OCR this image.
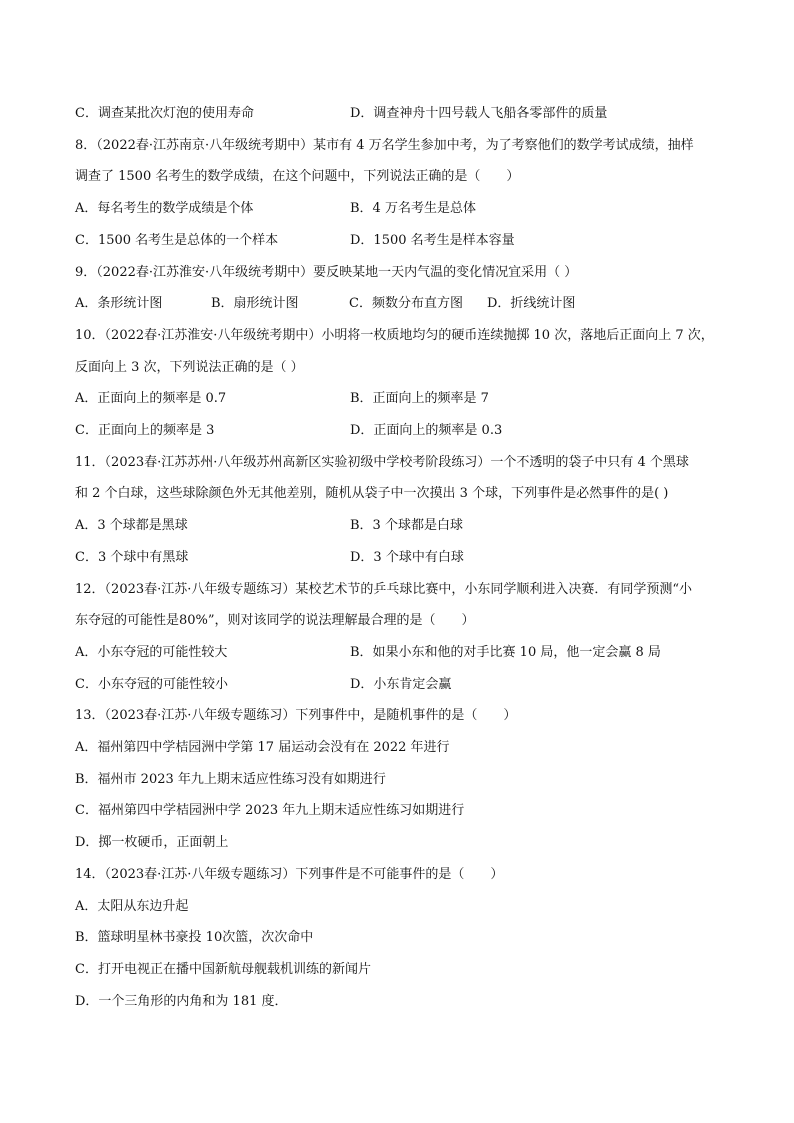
C．调查某批次灯泡的使用寿命	D．调查神舟十四号载人飞船各零部件的质量
8．（2022春·江苏南京·八年级统考期中）某市有 4 万名学生参加中考，为了考察他们的数学考试成绩，抽样
调查了 1500 名考生的数学成绩，在这个问题中，下列说法正确的是（　　）
A．每名考生的数学成绩是个体	B．4 万名考生是总体
C．1500 名考生是总体的一个样本	D．1500 名考生是样本容量
9．（2022春·江苏淮安·八年级统考期中）要反映某地一天内气温的变化情况宜采用（ ）
A．条形统计图	B．扇形统计图	C．频数分布直方图	D．折线统计图
10．（2022春·江苏淮安·八年级统考期中）小明将一枚质地均匀的硬币连续抛掷 10 次，落地后正面向上 7 次，
反面向上 3 次，下列说法正确的是（ ）
A．正面向上的频率是 0.7	B．正面向上的频率是 7
C．正面向上的频率是 3	D．正面向上的频率是 0.3
11．（2023春·江苏苏州·八年级苏州高新区实验初级中学校考阶段练习）一个不透明的袋子中只有 4 个黑球
和 2 个白球，这些球除颜色外无其他差别，随机从袋子中一次摸出 3 个球，下列事件是必然事件的是( )
A．3 个球都是黑球	B．3 个球都是白球
C．3 个球中有黑球	D．3 个球中有白球
12．（2023春·江苏·八年级专题练习）某校艺术节的乒乓球比赛中，小东同学顺利进入决赛．有同学预测“小
东夺冠的可能性是80%”，则对该同学的说法理解最合理的是（　　）
A．小东夺冠的可能性较大	B．如果小东和他的对手比赛 10 局，他一定会赢 8 局
C．小东夺冠的可能性较小	D．小东肯定会赢
13．（2023春·江苏·八年级专题练习）下列事件中，是随机事件的是（　　）
A．福州第四中学桔园洲中学第 17 届运动会没有在 2022 年进行
B．福州市 2023 年九上期末适应性练习没有如期进行
C．福州第四中学桔园洲中学 2023 年九上期末适应性练习如期进行
D．掷一枚硬币，正面朝上
14．（2023春·江苏·八年级专题练习）下列事件是不可能事件的是（　　）
A．太阳从东边升起
B．篮球明星林书豪投 10次篮，次次命中
C．打开电视正在播中国新航母舰载机训练的新闻片
D．一个三角形的内角和为 181 度．
